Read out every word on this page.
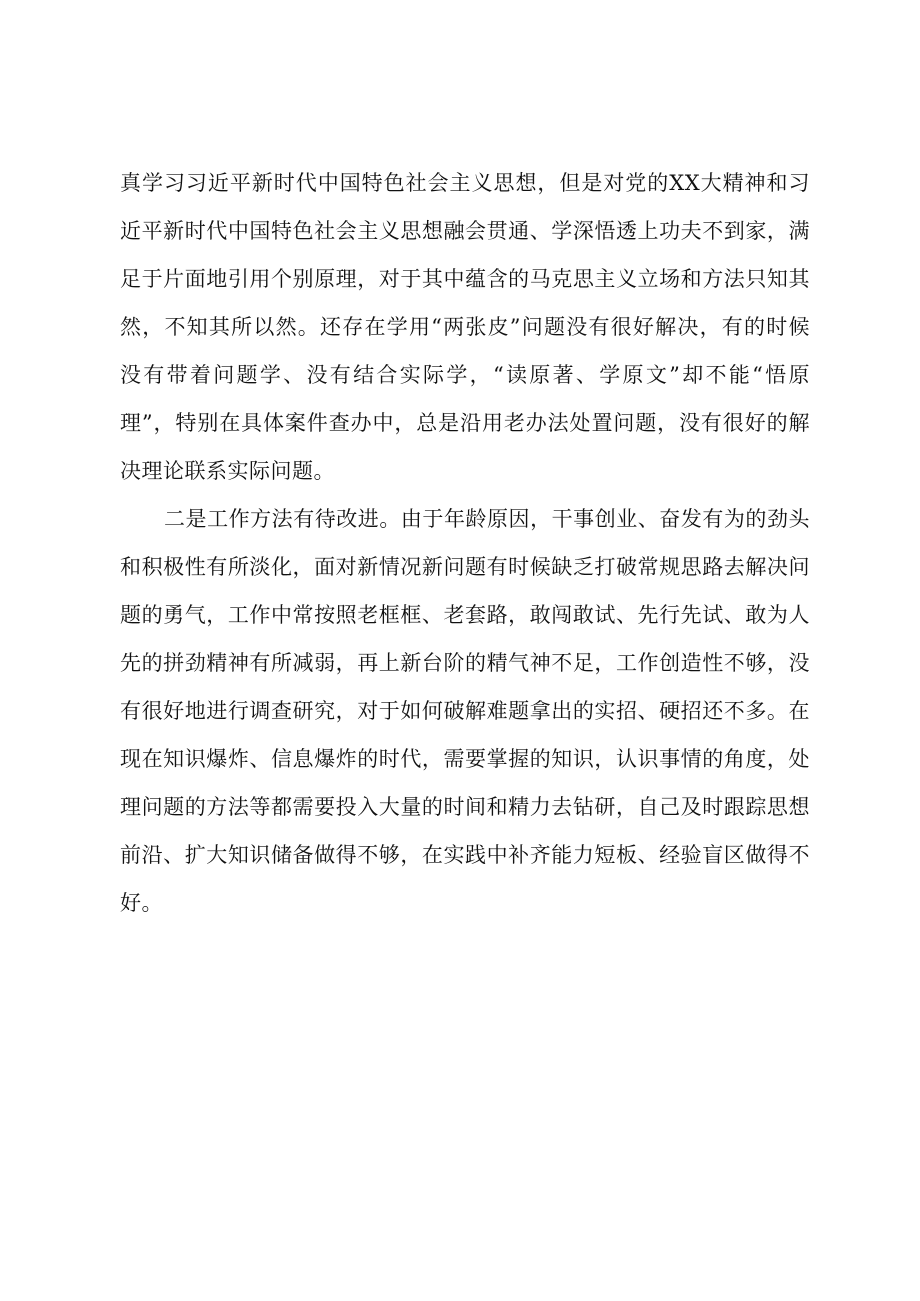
真学习习近平新时代中国特色社会主义思想，但是对党的XX大精神和习
近平新时代中国特色社会主义思想融会贯通、学深悟透上功夫不到家，满
足于片面地引用个别原理，对于其中蕴含的马克思主义立场和方法只知其
然，不知其所以然。还存在学用“两张皮”问题没有很好解决，有的时候
没有带着问题学、没有结合实际学，“读原著、学原文”却不能“悟原
理”，特别在具体案件查办中，总是沿用老办法处置问题，没有很好的解
决理论联系实际问题。
二是工作方法有待改进。由于年龄原因，干事创业、奋发有为的劲头
和积极性有所淡化，面对新情况新问题有时候缺乏打破常规思路去解决问
题的勇气，工作中常按照老框框、老套路，敢闯敢试、先行先试、敢为人
先的拼劲精神有所减弱，再上新台阶的精气神不足，工作创造性不够，没
有很好地进行调查研究，对于如何破解难题拿出的实招、硬招还不多。在
现在知识爆炸、信息爆炸的时代，需要掌握的知识，认识事情的角度，处
理问题的方法等都需要投入大量的时间和精力去钻研，自己及时跟踪思想
前沿、扩大知识储备做得不够，在实践中补齐能力短板、经验盲区做得不
好。
